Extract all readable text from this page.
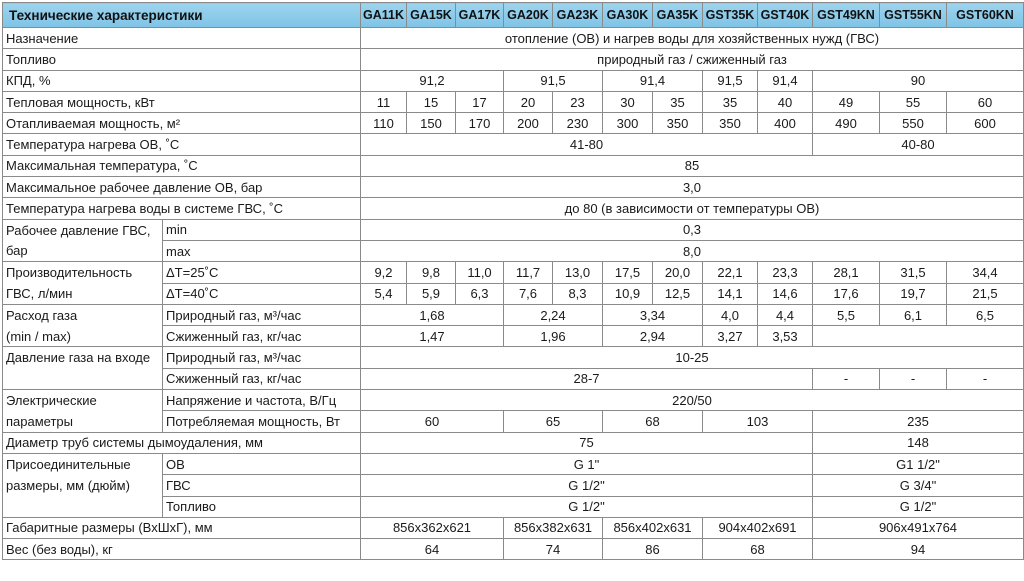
Технические характеристики		GA11K	GA15K	GA17K	GA20K	GA23K	GA30K	GA35K	GST35K	GST40K	GST49KN	GST55KN	GST60KN
Назначение		отопление (ОВ) и нагрев воды для хозяйственных нужд (ГВС)											
Топливо		природный газ / сжиженный газ											
КПД, %		91,2			91,5		91,4		91,5	91,4	90		
Тепловая мощность, кВт		11	15	17	20	23	30	35	35	40	49	55	60
Отапливаемая мощность, м²		110	150	170	200	230	300	350	350	400	490	550	600
Температура нагрева ОВ, ˚С		41-80									40-80		
Максимальная температура, ˚С		85											
Максимальное рабочее давление ОВ, бар		3,0											
Температура нагрева воды в системе ГВС, ˚С		до 80 (в зависимости от температуры ОВ)											
Рабочее давление ГВС,	min	0,3											
бар	max	8,0											
Производительность	ΔТ=25˚С	9,2	9,8	11,0	11,7	13,0	17,5	20,0	22,1	23,3	28,1	31,5	34,4
ГВС, л/мин	ΔТ=40˚С	5,4	5,9	6,3	7,6	8,3	10,9	12,5	14,1	14,6	17,6	19,7	21,5
Расход газа	Природный газ, м³/час	1,68			2,24		3,34		4,0	4,4	5,5	6,1	6,5
(min / max)	Сжиженный газ, кг/час	1,47			1,96		2,94		3,27	3,53			
Давление газа на входе	Природный газ, м³/час	10-25											
	Сжиженный газ, кг/час	28-7									-	-	-
Электрические	Напряжение и частота, В/Гц	220/50											
параметры	Потребляемая мощность, Вт	60			65		68		103		235		
Диаметр труб системы дымоудаления, мм		75									148		
Присоединительные	ОВ	G 1"									G1 1/2"		
размеры, мм (дюйм)	ГВС	G 1/2"									G 3/4"		
	Топливо	G 1/2"									G 1/2"		
Габаритные размеры (ВхШхГ), мм		856x362x621			856x382x631		856x402x631		904x402x691		906x491x764		
Вес (без воды), кг		64			74		86		68		94		
